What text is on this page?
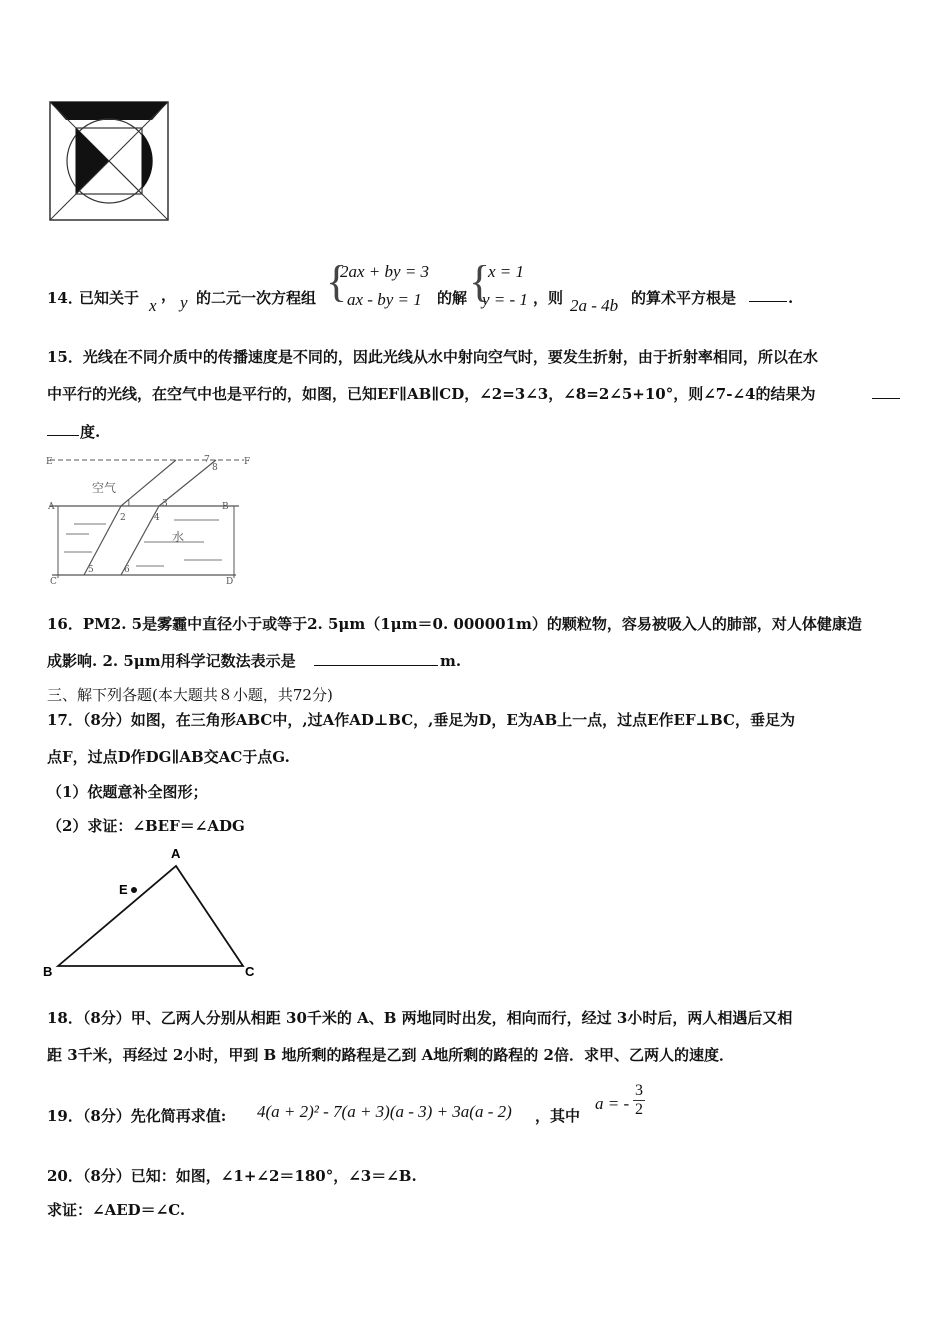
14．
已知关于 x
， y 的二元一次方程组 {
2ax + by = 3
ax - by = 1 的解 {
x = 1
y = - 1 ，则 2a - 4b 的算术平方根是	.
15．光线在不同介质中的传播速度是不同的，因此光线从水中射向空气时，要发生折射，由于折射率相同，所以在水
中平行的光线，在空气中也是平行的，如图，已知EF∥AB∥CD，∠2=3∠3，∠8=2∠5+10°，则∠7-∠4的结果为
度.
E	F
A	B
C	D
空气
水
1
2
3
4
5	6
7
8
16．PM2. 5是雾霾中直径小于或等于2. 5μm（1μm＝0. 000001m）的颗粒物，容易被吸入人的肺部，对人体健康造
成影响. 2. 5μm用科学记数法表示是	m.
三、解下列各题(本大题共８小题，共72分)
17．（8分）如图，在三角形ABC中，,过A作AD⊥BC，,垂足为D，E为AB上一点，过点E作EF⊥BC，垂足为
点F，过点D作DG∥AB交AC于点G.
（1）依题意补全图形；
（2）求证：∠BEF＝∠ADG
A
B	C
E
18．（8分）甲、乙两人分别从相距 30千米的 A、B 两地同时出发，相向而行，经过 3小时后，两人相遇后又相
距 3千米，再经过 2小时，甲到 B 地所剩的路程是乙到 A地所剩的路程的 2倍．求甲、乙两人的速度．
19．（8分）先化简再求值: 4(a + 2)² - 7(a + 3)(a - 3) + 3a(a - 2) ，其中
a = - $\frac{3}{2}$
20．（8分）已知：如图，∠1+∠2＝180°，∠3＝∠B.
求证：∠AED＝∠C.
